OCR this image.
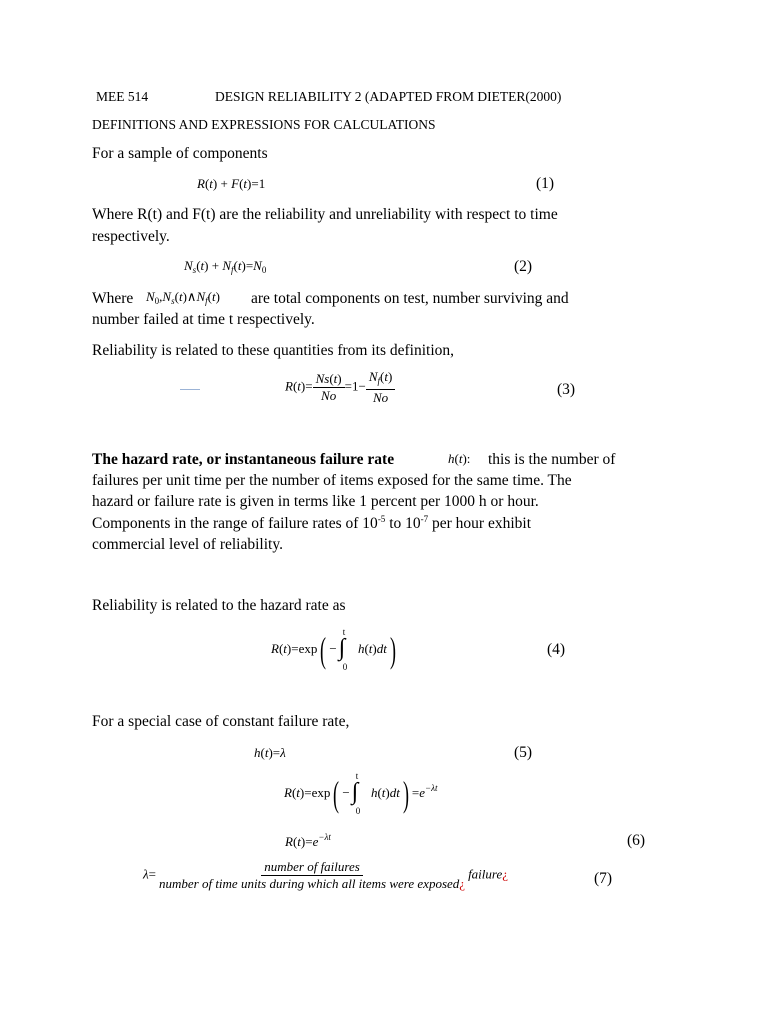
MEE 514	DESIGN RELIABILITY 2 (ADAPTED FROM DIETER(2000)
DEFINITIONS AND EXPRESSIONS FOR CALCULATIONS
For a sample of components
R(t) + F(t)=1	(1)
Where R(t) and F(t) are the reliability and unreliability with respect to time
respectively.
$N_s(t) + N_f(t)=N_0$	(2)
Where $N_0,N_s(t)\wedge N_f(t)$ are total components on test, number surviving and
number failed at time t respectively.
Reliability is related to these quantities from its definition,
$R(t)= \frac{Ns(t)}{No} =1- \frac{N_f(t)}{No}$	(3)
The hazard rate, or instantaneous failure rate	h(t): this is the number of
failures per unit time per the number of items exposed for the same time. The
hazard or failure rate is given in terms like 1 percent per 1000 h or hour.
Components in the range of failure rates of $10^{-5}$ to $10^{-7}$ per hour exhibit
commercial level of reliability.
Reliability is related to the hazard rate as
R(t)=exp( −
t
∫
0
h(t)dt)	(4)
For a special case of constant failure rate,
h(t)=λ	(5)
R(t)=exp( −
t
∫
0
$h(t)dt) =e^{-\lambda t}$
$R(t)=e^{-\lambda t}$	(6)
$\lambda= \frac{\text{number of failures}}{\text{number of time units during which all items were exposed¿}}$ failure¿	(7)
